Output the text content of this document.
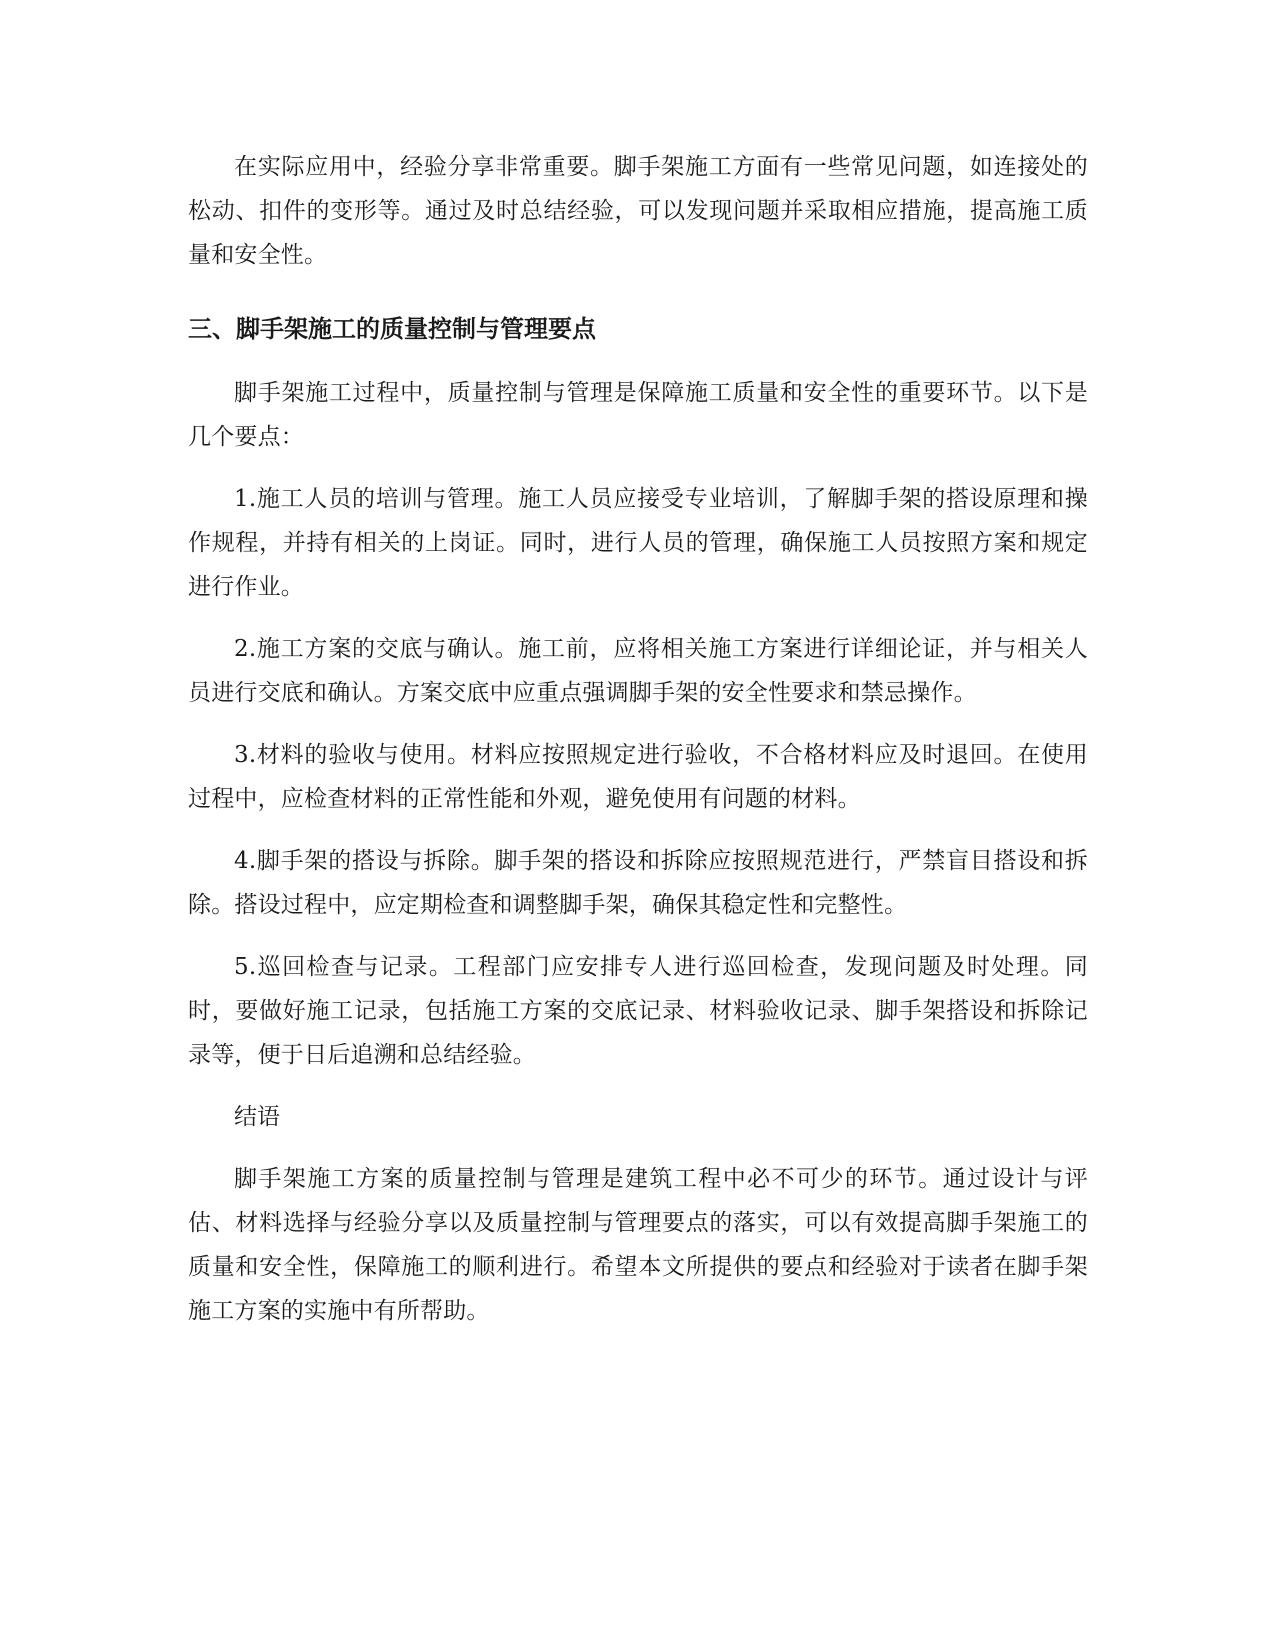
在实际应用中，经验分享非常重要。脚手架施工方面有一些常见问题，如连接处的松动、扣件的变形等。通过及时总结经验，可以发现问题并采取相应措施，提高施工质量和安全性。

三、脚手架施工的质量控制与管理要点

脚手架施工过程中，质量控制与管理是保障施工质量和安全性的重要环节。以下是几个要点：

1.施工人员的培训与管理。施工人员应接受专业培训，了解脚手架的搭设原理和操作规程，并持有相关的上岗证。同时，进行人员的管理，确保施工人员按照方案和规定进行作业。

2.施工方案的交底与确认。施工前，应将相关施工方案进行详细论证，并与相关人员进行交底和确认。方案交底中应重点强调脚手架的安全性要求和禁忌操作。

3.材料的验收与使用。材料应按照规定进行验收，不合格材料应及时退回。在使用过程中，应检查材料的正常性能和外观，避免使用有问题的材料。

4.脚手架的搭设与拆除。脚手架的搭设和拆除应按照规范进行，严禁盲目搭设和拆除。搭设过程中，应定期检查和调整脚手架，确保其稳定性和完整性。

5.巡回检查与记录。工程部门应安排专人进行巡回检查，发现问题及时处理。同时，要做好施工记录，包括施工方案的交底记录、材料验收记录、脚手架搭设和拆除记录等，便于日后追溯和总结经验。

结语

脚手架施工方案的质量控制与管理是建筑工程中必不可少的环节。通过设计与评估、材料选择与经验分享以及质量控制与管理要点的落实，可以有效提高脚手架施工的质量和安全性，保障施工的顺利进行。希望本文所提供的要点和经验对于读者在脚手架施工方案的实施中有所帮助。
